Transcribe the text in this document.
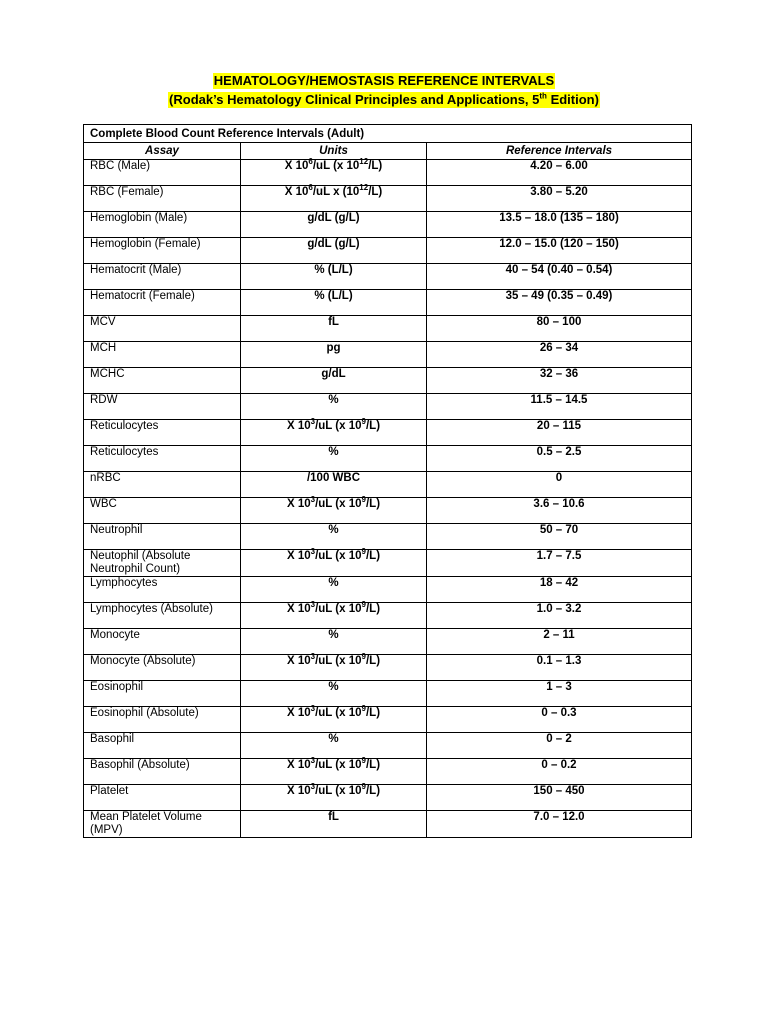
HEMATOLOGY/HEMOSTASIS REFERENCE INTERVALS
(Rodak’s Hematology Clinical Principles and Applications, 5th Edition)
Complete Blood Count Reference Intervals (Adult)		
Assay	Units	Reference Intervals
RBC (Male)	X $10^6/uL$ (x $10^{12}/L$)	4.20 – 6.00
RBC (Female)	X $10^6/uL$ x $(10^{12}/L)$	3.80 – 5.20
Hemoglobin (Male)	g/dL (g/L)	13.5 – 18.0 (135 – 180)
Hemoglobin (Female)	g/dL (g/L)	12.0 – 15.0 (120 – 150)
Hematocrit (Male)	% (L/L)	40 – 54 (0.40 – 0.54)
Hematocrit (Female)	% (L/L)	35 – 49 (0.35 – 0.49)
MCV	fL	80 – 100
MCH	pg	26 – 34
MCHC	g/dL	32 – 36
RDW	%	11.5 – 14.5
Reticulocytes	X $10^3/uL$ (x $10^9/L$)	20 – 115
Reticulocytes	%	0.5 – 2.5
nRBC	/100 WBC	0
WBC	X $10^3/uL$ (x $10^9/L$)	3.6 – 10.6
Neutrophil	%	50 – 70
Neutophil (Absolute Neutrophil Count)	X $10^3/uL$ (x $10^9/L$)	1.7 – 7.5
Lymphocytes	%	18 – 42
Lymphocytes (Absolute)	X $10^3/uL$ (x $10^9/L$)	1.0 – 3.2
Monocyte	%	2 – 11
Monocyte (Absolute)	X $10^3/uL$ (x $10^9/L$)	0.1 – 1.3
Eosinophil	%	1 – 3
Eosinophil (Absolute)	X $10^3/uL$ (x $10^9/L$)	0 – 0.3
Basophil	%	0 – 2
Basophil (Absolute)	X $10^3/uL$ (x $10^9/L$)	0 – 0.2
Platelet	X $10^3/uL$ (x $10^9/L$)	150 – 450
Mean Platelet Volume (MPV)	fL	7.0 – 12.0
